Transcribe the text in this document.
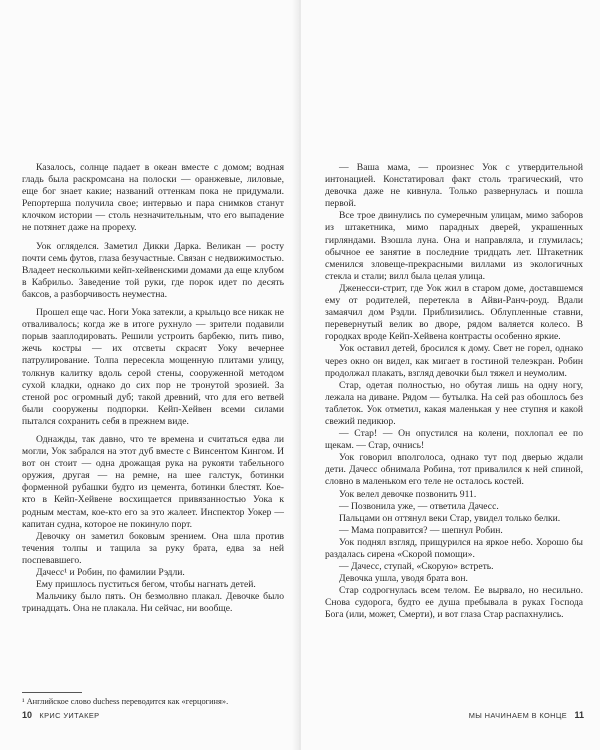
Казалось, солнце падает в океан вместе с домом; водная гладь была раскромсана на полоски — оранжевые, лиловые, еще бог знает какие; названий оттенкам пока не придумали. Репортерша получила свое; интервью и пара снимков станут клочком истории — столь незначительным, что его выпадение не потянет даже на прореху.

Уок огляделся. Заметил Дикки Дарка. Великан — росту почти семь футов, глаза безучастные. Связан с недвижимостью. Владеет несколькими кейп-хейвенскими домами да еще клубом в Кабрильо. Заведение той руки, где порок идет по десять баксов, а разборчивость неуместна.

Прошел еще час. Ноги Уока затекли, а крыльцо все никак не отваливалось; когда же в итоге рухнуло — зрители подавили порыв зааплодировать. Решили устроить барбекю, пить пиво, жечь костры — их отсветы скрасят Уоку вечернее патрулирование. Толпа пересекла мощенную плитами улицу, толкнув калитку вдоль серой стены, сооруженной методом сухой кладки, однако до сих пор не тронутой эрозией. За стеной рос огромный дуб; такой древний, что для его ветвей были сооружены подпорки. Кейп-Хейвен всеми силами пытался сохранить себя в прежнем виде.

Однажды, так давно, что те времена и считаться едва ли могли, Уок забрался на этот дуб вместе с Винсентом Кингом. И вот он стоит — одна дрожащая рука на рукояти табельного оружия, другая — на ремне, на шее галстук, ботинки форменной рубашки будто из цемента, ботинки блестят. Кое-кто в Кейп-Хейвене восхищается привязанностью Уока к родным местам, кое-кто его за это жалеет. Инспектор Уокер — капитан судна, которое не покинуло порт.

Девочку он заметил боковым зрением. Она шла против течения толпы и тащила за руку брата, едва за ней поспевавшего.

Дачесс¹ и Робин, по фамилии Рэдли.

Ему пришлось пуститься бегом, чтобы нагнать детей.

Мальчику было пять. Он безмолвно плакал. Девочке было тринадцать. Она не плакала. Ни сейчас, ни вообще.

¹ Английское слово duchess переводится как «герцогиня».
10 КРИС УИТАКЕР

— Ваша мама, — произнес Уок с утвердительной интонацией. Констатировал факт столь трагический, что девочка даже не кивнула. Только развернулась и пошла первой.

Все трое двинулись по сумеречным улицам, мимо заборов из штакетника, мимо парадных дверей, украшенных гирляндами. Взошла луна. Она и направляла, и глумилась; обычное ее занятие в последние тридцать лет. Штакетник сменился зловеще-прекрасными виллами из экологичных стекла и стали; вилл была целая улица.

Дженесси-стрит, где Уок жил в старом доме, доставшемся ему от родителей, перетекла в Айви-Ранч-роуд. Вдали замаячил дом Рэдли. Приблизились. Облупленные ставни, перевернутый велик во дворе, рядом валяется колесо. В городках вроде Кейп-Хейвена контрасты особенно яркие.

Уок оставил детей, бросился к дому. Свет не горел, однако через окно он видел, как мигает в гостиной телеэкран. Робин продолжал плакать, взгляд девочки был тяжел и неумолим.

Стар, одетая полностью, но обутая лишь на одну ногу, лежала на диване. Рядом — бутылка. На сей раз обошлось без таблеток. Уок отметил, какая маленькая у нее ступня и какой свежий педикюр.

— Стар! — Он опустился на колени, похлопал ее по щекам. — Стар, очнись!

Уок говорил вполголоса, однако тут под дверью ждали дети. Дачесс обнимала Робина, тот привалился к ней спиной, словно в маленьком его теле не осталось костей.

Уок велел девочке позвонить 911.

— Позвонила уже, — ответила Дачесс.

Пальцами он оттянул веки Стар, увидел только белки.

— Мама поправится? — шепнул Робин.

Уок поднял взгляд, прищурился на яркое небо. Хорошо бы раздалась сирена «Скорой помощи».

— Дачесс, ступай, «Скорую» встреть.

Девочка ушла, уводя брата вон.

Стар содрогнулась всем телом. Ее вырвало, но несильно. Снова судорога, будто ее душа пребывала в руках Господа Бога (или, может, Смерти), и вот глаза Стар распахнулись.

МЫ НАЧИНАЕМ В КОНЦЕ 11
